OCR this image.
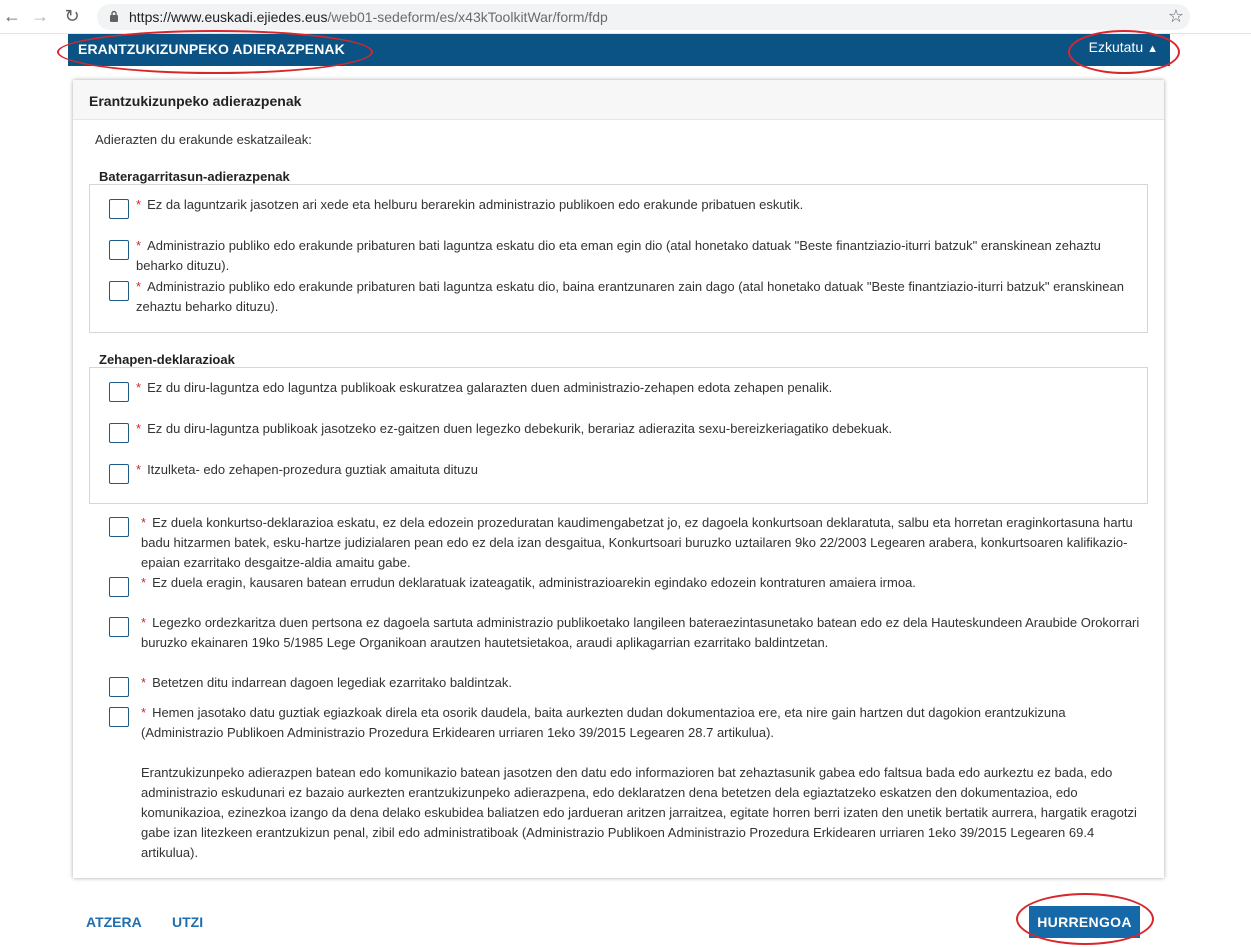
← → ↻	https://www.euskadi.ejiedes.eus/web01-sedeform/es/x43kToolkitWar/form/fdp	☆
ERANTZUKIZUNPEKO ADIERAZPENAK	Ezkutatu ▲
Erantzukizunpeko adierazpenak
Adierazten du erakunde eskatzaileak:
Bateragarritasun-adierazpenak
* Ez da laguntzarik jasotzen ari xede eta helburu berarekin administrazio publikoen edo erakunde pribatuen eskutik.
* Administrazio publiko edo erakunde pribaturen bati laguntza eskatu dio eta eman egin dio (atal honetako datuak "Beste finantziazio-iturri batzuk" eranskinean zehaztu beharko dituzu).
* Administrazio publiko edo erakunde pribaturen bati laguntza eskatu dio, baina erantzunaren zain dago (atal honetako datuak "Beste finantziazio-iturri batzuk" eranskinean zehaztu beharko dituzu).
Zehapen-deklarazioak
* Ez du diru-laguntza edo laguntza publikoak eskuratzea galarazten duen administrazio-zehapen edota zehapen penalik.
* Ez du diru-laguntza publikoak jasotzeko ez-gaitzen duen legezko debekurik, berariaz adierazita sexu-bereizkeriagatiko debekuak.
* Itzulketa- edo zehapen-prozedura guztiak amaituta dituzu
* Ez duela konkurtso-deklarazioa eskatu, ez dela edozein prozeduratan kaudimengabetzat jo, ez dagoela konkurtsoan deklaratuta, salbu eta horretan eraginkortasuna hartu badu hitzarmen batek, esku-hartze judizialaren pean edo ez dela izan desgaitua, Konkurtsoari buruzko uztailaren 9ko 22/2003 Legearen arabera, konkurtsoaren kalifikazio-epaian ezarritako desgaitze-aldia amaitu gabe.
* Ez duela eragin, kausaren batean errudun deklaratuak izateagatik, administrazioarekin egindako edozein kontraturen amaiera irmoa.
* Legezko ordezkaritza duen pertsona ez dagoela sartuta administrazio publikoetako langileen bateraezintasunetako batean edo ez dela Hauteskundeen Araubide Orokorrari buruzko ekainaren 19ko 5/1985 Lege Organikoan arautzen hautetsietakoa, araudi aplikagarrian ezarritako baldintzetan.
* Betetzen ditu indarrean dagoen legediak ezarritako baldintzak.
* Hemen jasotako datu guztiak egiazkoak direla eta osorik daudela, baita aurkezten dudan dokumentazioa ere, eta nire gain hartzen dut dagokion erantzukizuna (Administrazio Publikoen Administrazio Prozedura Erkidearen urriaren 1eko 39/2015 Legearen 28.7 artikulua).
Erantzukizunpeko adierazpen batean edo komunikazio batean jasotzen den datu edo informazioren bat zehaztasunik gabea edo faltsua bada edo aurkeztu ez bada, edo administrazio eskudunari ez bazaio aurkezten erantzukizunpeko adierazpena, edo deklaratzen dena betetzen dela egiaztatzeko eskatzen den dokumentazioa, edo komunikazioa, ezinezkoa izango da dena delako eskubidea baliatzen edo jardueran aritzen jarraitzea, egitate horren berri izaten den unetik bertatik aurrera, hargatik eragotzi gabe izan litezkeen erantzukizun penal, zibil edo administratiboak (Administrazio Publikoen Administrazio Prozedura Erkidearen urriaren 1eko 39/2015 Legearen 69.4 artikulua).
ATZERA UTZI	HURRENGOA
